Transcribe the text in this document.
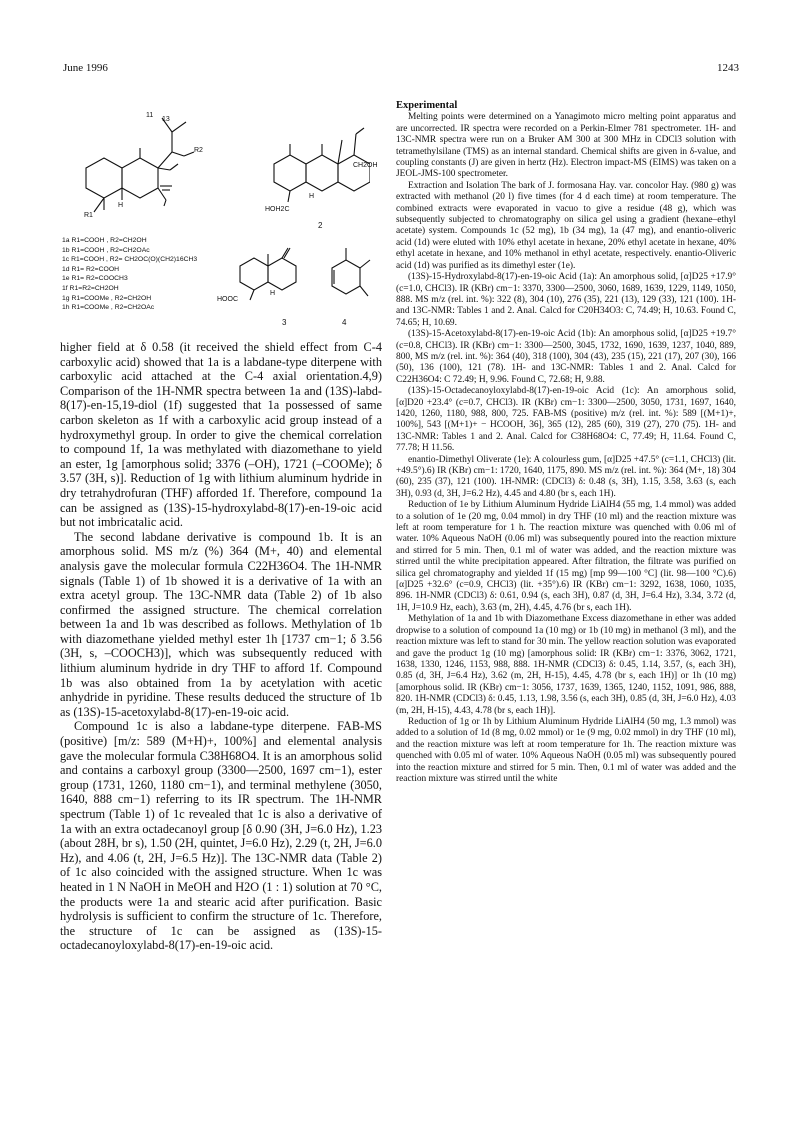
June 1996	1243
11
13
R2
R1
H
CH2OH
HOH2C
H
2
HOOC
H
3	4
1a R1=COOH , R2=CH2OH
1b R1=COOH , R2=CH2OAc
1c R1=COOH , R2= CH2OC(O)(CH2)16CH3
1d R1= R2=COOH
1e R1= R2=COOCH3
1f R1=R2=CH2OH
1g R1=COOMe , R2=CH2OH
1h R1=COOMe , R2=CH2OAc

higher field at δ 0.58 (it received the shield effect from C-4 carboxylic acid) showed that 1a is a labdane-type diterpene with carboxylic acid attached at the C-4 axial orientation.4,9) Comparison of the 1H-NMR spectra between 1a and (13S)-labd-8(17)-en-15,19-diol (1f) suggested that 1a possessed of same carbon skeleton as 1f with a carboxylic acid group instead of a hydroxymethyl group. In order to give the chemical correlation to compound 1f, 1a was methylated with diazomethane to yield an ester, 1g [amorphous solid; 3376 (–OH), 1721 (–COOMe); δ 3.57 (3H, s)]. Reduction of 1g with lithium aluminum hydride in dry tetrahydrofuran (THF) afforded 1f. Therefore, compound 1a can be assigned as (13S)-15-hydroxylabd-8(17)-en-19-oic acid but not imbricatalic acid.

The second labdane derivative is compound 1b. It is an amorphous solid. MS m/z (%) 364 (M+, 40) and elemental analysis gave the molecular formula C22H36O4. The 1H-NMR signals (Table 1) of 1b showed it is a derivative of 1a with an extra acetyl group. The 13C-NMR data (Table 2) of 1b also confirmed the assigned structure. The chemical correlation between 1a and 1b was described as follows. Methylation of 1b with diazomethane yielded methyl ester 1h [1737 cm−1; δ 3.56 (3H, s, –COOCH3)], which was subsequently reduced with lithium aluminum hydride in dry THF to afford 1f. Compound 1b was also obtained from 1a by acetylation with acetic anhydride in pyridine. These results deduced the structure of 1b as (13S)-15-acetoxylabd-8(17)-en-19-oic acid.

Compound 1c is also a labdane-type diterpene. FAB-MS (positive) [m/z: 589 (M+H)+, 100%] and elemental analysis gave the molecular formula C38H68O4. It is an amorphous solid and contains a carboxyl group (3300—2500, 1697 cm−1), ester group (1731, 1260, 1180 cm−1), and terminal methylene (3050, 1640, 888 cm−1) referring to its IR spectrum. The 1H-NMR spectrum (Table 1) of 1c revealed that 1c is also a derivative of 1a with an extra octadecanoyl group [δ 0.90 (3H, J=6.0 Hz), 1.23 (about 28H, br s), 1.50 (2H, quintet, J=6.0 Hz), 2.29 (t, 2H, J=6.0 Hz), and 4.06 (t, 2H, J=6.5 Hz)]. The 13C-NMR data (Table 2) of 1c also coincided with the assigned structure. When 1c was heated in 1 N NaOH in MeOH and H2O (1 : 1) solution at 70 °C, the products were 1a and stearic acid after purification. Basic hydrolysis is sufficient to confirm the structure of 1c. Therefore, the structure of 1c can be assigned as (13S)-15-octadecanoyloxylabd-8(17)-en-19-oic acid.

Experimental

Melting points were determined on a Yanagimoto micro melting point apparatus and are uncorrected. IR spectra were recorded on a Perkin-Elmer 781 spectrometer. 1H- and 13C-NMR spectra were run on a Bruker AM 300 at 300 MHz in CDCl3 solution with tetramethylsilane (TMS) as an internal standard. Chemical shifts are given in δ-value, and coupling constants (J) are given in hertz (Hz). Electron impact-MS (EIMS) was taken on a JEOL-JMS-100 spectrometer.

Extraction and Isolation The bark of J. formosana Hay. var. concolor Hay. (980 g) was extracted with methanol (20 l) five times (for 4 d each time) at room temperature. The combined extracts were evaporated in vacuo to give a residue (48 g), which was subsequently subjected to chromatography on silica gel using a gradient (hexane–ethyl acetate) system. Compounds 1c (52 mg), 1b (34 mg), 1a (47 mg), and enantio-oliveric acid (1d) were eluted with 10% ethyl acetate in hexane, 20% ethyl acetate in hexane, 40% ethyl acetate in hexane, and 10% methanol in ethyl acetate, respectively. enantio-Oliveric acid (1d) was purified as its dimethyl ester (1e).

(13S)-15-Hydroxylabd-8(17)-en-19-oic Acid (1a): An amorphous solid, [α]D25 +17.9° (c=1.0, CHCl3). IR (KBr) cm−1: 3370, 3300—2500, 3060, 1689, 1639, 1229, 1149, 1050, 888. MS m/z (rel. int. %): 322 (8), 304 (10), 276 (35), 221 (13), 129 (33), 121 (100). 1H- and 13C-NMR: Tables 1 and 2. Anal. Calcd for C20H34O3: C, 74.49; H, 10.63. Found C, 74.65; H, 10.69.

(13S)-15-Acetoxylabd-8(17)-en-19-oic Acid (1b): An amorphous solid, [α]D25 +19.7° (c=0.8, CHCl3). IR (KBr) cm−1: 3300—2500, 3045, 1732, 1690, 1639, 1237, 1040, 889, 800, MS m/z (rel. int. %): 364 (40), 318 (100), 304 (43), 235 (15), 221 (17), 207 (30), 166 (50), 136 (100), 121 (78). 1H- and 13C-NMR: Tables 1 and 2. Anal. Calcd for C22H36O4: C 72.49; H, 9.96. Found C, 72.68; H, 9.88.

(13S)-15-Octadecanoyloxylabd-8(17)-en-19-oic Acid (1c): An amorphous solid, [α]D20 +23.4° (c=0.7, CHCl3). IR (KBr) cm−1: 3300—2500, 3050, 1731, 1697, 1640, 1420, 1260, 1180, 988, 800, 725. FAB-MS (positive) m/z (rel. int. %): 589 [(M+1)+, 100%], 543 [(M+1)+ − HCOOH, 36], 365 (12), 285 (60), 319 (27), 270 (75). 1H- and 13C-NMR: Tables 1 and 2. Anal. Calcd for C38H68O4: C, 77.49; H, 11.64. Found C, 77.78; H 11.56.

enantio-Dimethyl Oliverate (1e): A colourless gum, [α]D25 +47.5° (c=1.1, CHCl3) (lit. +49.5°).6) IR (KBr) cm−1: 1720, 1640, 1175, 890. MS m/z (rel. int. %): 364 (M+, 18) 304 (60), 235 (37), 121 (100). 1H-NMR: (CDCl3) δ: 0.48 (s, 3H), 1.15, 3.58, 3.63 (s, each 3H), 0.93 (d, 3H, J=6.2 Hz), 4.45 and 4.80 (br s, each 1H).

Reduction of 1e by Lithium Aluminum Hydride LiAlH4 (55 mg, 1.4 mmol) was added to a solution of 1e (20 mg, 0.04 mmol) in dry THF (10 ml) and the reaction mixture was left at room temperature for 1 h. The reaction mixture was quenched with 0.06 ml of water. 10% Aqueous NaOH (0.06 ml) was subsequently poured into the reaction mixture and stirred for 5 min. Then, 0.1 ml of water was added, and the reaction mixture was stirred until the white precipitation appeared. After filtration, the filtrate was purified on silica gel chromatography and yielded 1f (15 mg) [mp 99—100 °C] (lit. 98—100 °C).6) [α]D25 +32.6° (c=0.9, CHCl3) (lit. +35°).6) IR (KBr) cm−1: 3292, 1638, 1060, 1035, 896. 1H-NMR (CDCl3) δ: 0.61, 0.94 (s, each 3H), 0.87 (d, 3H, J=6.4 Hz), 3.34, 3.72 (d, 1H, J=10.9 Hz, each), 3.63 (m, 2H), 4.45, 4.76 (br s, each 1H).

Methylation of 1a and 1b with Diazomethane Excess diazomethane in ether was added dropwise to a solution of compound 1a (10 mg) or 1b (10 mg) in methanol (3 ml), and the reaction mixture was left to stand for 30 min. The yellow reaction solution was evaporated and gave the product 1g (10 mg) [amorphous solid: IR (KBr) cm−1: 3376, 3062, 1721, 1638, 1330, 1246, 1153, 988, 888. 1H-NMR (CDCl3) δ: 0.45, 1.14, 3.57, (s, each 3H), 0.85 (d, 3H, J=6.4 Hz), 3.62 (m, 2H, H-15), 4.45, 4.78 (br s, each 1H)] or 1h (10 mg) [amorphous solid. IR (KBr) cm−1: 3056, 1737, 1639, 1365, 1240, 1152, 1091, 986, 888, 820. 1H-NMR (CDCl3) δ: 0.45, 1.13, 1.98, 3.56 (s, each 3H), 0.85 (d, 3H, J=6.0 Hz), 4.03 (m, 2H, H-15), 4.43, 4.78 (br s, each 1H)].

Reduction of 1g or 1h by Lithium Aluminum Hydride LiAlH4 (50 mg, 1.3 mmol) was added to a solution of 1d (8 mg, 0.02 mmol) or 1e (9 mg, 0.02 mmol) in dry THF (10 ml), and the reaction mixture was left at room temperature for 1h. The reaction mixture was quenched with 0.05 ml of water. 10% Aqueous NaOH (0.05 ml) was subsequently poured into the reaction mixture and stirred for 5 min. Then, 0.1 ml of water was added and the reaction mixture was stirred until the white
